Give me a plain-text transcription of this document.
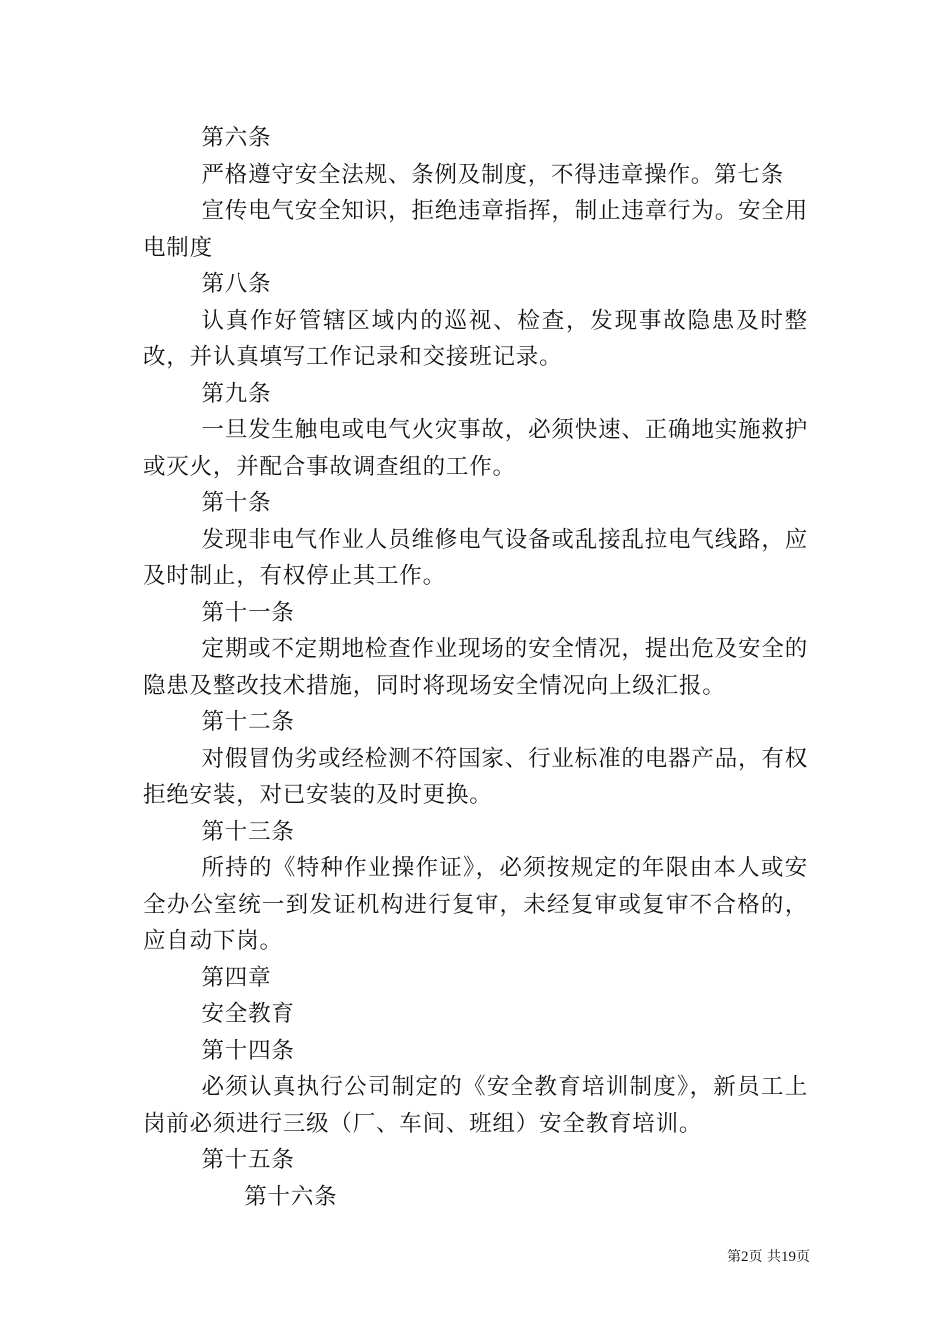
第六条

严格遵守安全法规、条例及制度，不得违章操作。第七条

宣传电气安全知识，拒绝违章指挥，制止违章行为。安全用电制度

第八条

认真作好管辖区域内的巡视、检查，发现事故隐患及时整改，并认真填写工作记录和交接班记录。

第九条

一旦发生触电或电气火灾事故，必须快速、正确地实施救护或灭火，并配合事故调查组的工作。

第十条

发现非电气作业人员维修电气设备或乱接乱拉电气线路，应及时制止，有权停止其工作。

第十一条

定期或不定期地检查作业现场的安全情况，提出危及安全的隐患及整改技术措施，同时将现场安全情况向上级汇报。

第十二条

对假冒伪劣或经检测不符国家、行业标准的电器产品，有权拒绝安装，对已安装的及时更换。

第十三条

所持的《特种作业操作证》，必须按规定的年限由本人或安全办公室统一到发证机构进行复审，未经复审或复审不合格的，应自动下岗。

第四章

安全教育

第十四条

必须认真执行公司制定的《安全教育培训制度》，新员工上岗前必须进行三级（厂、车间、班组）安全教育培训。

第十五条

第十六条

第2页 共19页
